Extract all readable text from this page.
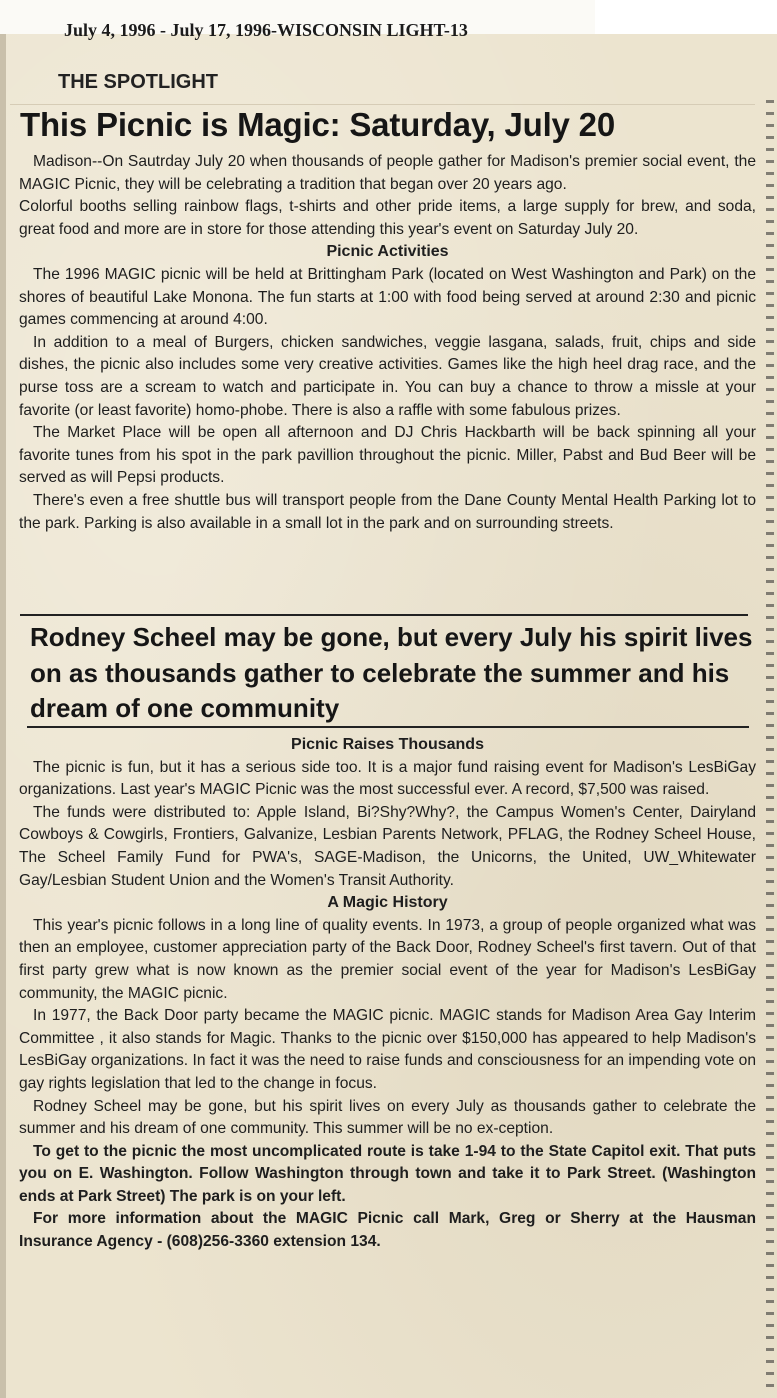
July 4, 1996 - July 17, 1996-WISCONSIN LIGHT-13

THE SPOTLIGHT

This Picnic is Magic: Saturday, July 20

Madison--On Sautrday July 20 when thousands of people gather for Madison's premier social event, the MAGIC Picnic, they will be celebrating a tradition that began over 20 years ago.

Colorful booths selling rainbow flags, t-shirts and other pride items, a large supply for brew, and soda, great food and more are in store for those attending this year's event on Saturday July 20.

Picnic Activities

The 1996 MAGIC picnic will be held at Brittingham Park (located on West Washington and Park) on the shores of beautiful Lake Monona. The fun starts at 1:00 with food being served at around 2:30 and picnic games commencing at around 4:00.

In addition to a meal of Burgers, chicken sandwiches, veggie lasgana, salads, fruit, chips and side dishes, the picnic also includes some very creative activities. Games like the high heel drag race, and the purse toss are a scream to watch and participate in. You can buy a chance to throw a missle at your favorite (or least favorite) homo-phobe. There is also a raffle with some fabulous prizes.

The Market Place will be open all afternoon and DJ Chris Hackbarth will be back spinning all your favorite tunes from his spot in the park pavillion throughout the picnic. Miller, Pabst and Bud Beer will be served as will Pepsi products.

There's even a free shuttle bus will transport people from the Dane County Mental Health Parking lot to the park. Parking is also available in a small lot in the park and on surrounding streets.

Rodney Scheel may be gone, but every July his spirit lives on as thousands gather to celebrate the summer and his dream of one community

Picnic Raises Thousands

The picnic is fun, but it has a serious side too. It is a major fund raising event for Madison's LesBiGay organizations. Last year's MAGIC Picnic was the most successful ever. A record, $7,500 was raised.

The funds were distributed to: Apple Island, Bi?Shy?Why?, the Campus Women's Center, Dairyland Cowboys & Cowgirls, Frontiers, Galvanize, Lesbian Parents Network, PFLAG, the Rodney Scheel House, The Scheel Family Fund for PWA's, SAGE-Madison, the Unicorns, the United, UW_Whitewater Gay/Lesbian Student Union and the Women's Transit Authority.

A Magic History

This year's picnic follows in a long line of quality events. In 1973, a group of people organized what was then an employee, customer appreciation party of the Back Door, Rodney Scheel's first tavern. Out of that first party grew what is now known as the premier social event of the year for Madison's LesBiGay community, the MAGIC picnic.

In 1977, the Back Door party became the MAGIC picnic. MAGIC stands for Madison Area Gay Interim Committee , it also stands for Magic. Thanks to the picnic over $150,000 has appeared to help Madison's LesBiGay organizations. In fact it was the need to raise funds and consciousness for an impending vote on gay rights legislation that led to the change in focus.

Rodney Scheel may be gone, but his spirit lives on every July as thousands gather to celebrate the summer and his dream of one community. This summer will be no ex-ception.

To get to the picnic the most uncomplicated route is take 1-94 to the State Capitol exit. That puts you on E. Washington. Follow Washington through town and take it to Park Street. (Washington ends at Park Street) The park is on your left.

For more information about the MAGIC Picnic call Mark, Greg or Sherry at the Hausman Insurance Agency - (608)256-3360 extension 134.
